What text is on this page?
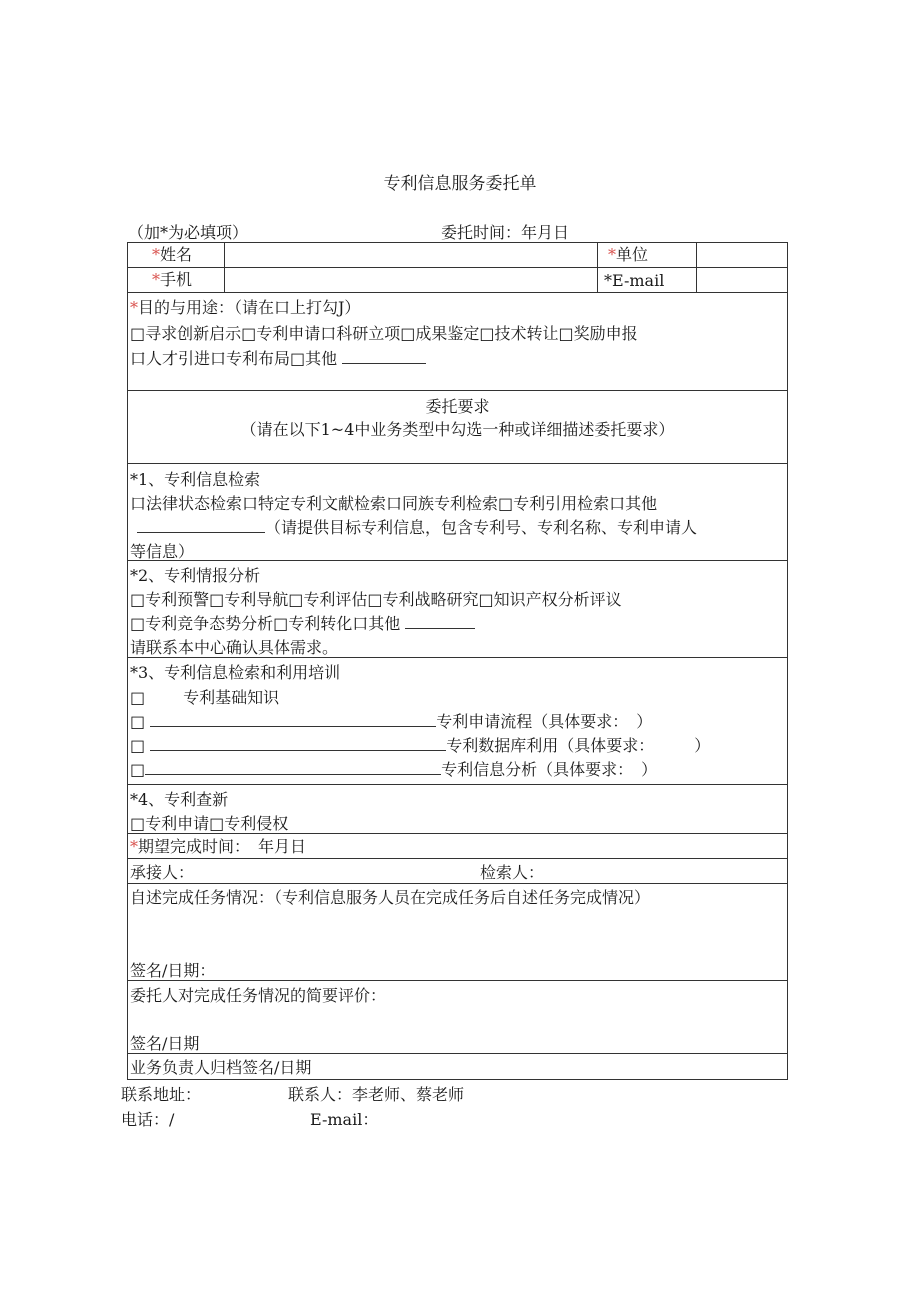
专利信息服务委托单
（加*为必填项）	委托时间：年月日
*姓名	*单位
*手机	*E-mail
*目的与用途：（请在口上打勾J）
□寻求创新启示□专利申请口科研立项□成果鉴定□技术转让□奖励申报
口人才引进口专利布局□其他
委托要求
（请在以下1~4中业务类型中勾选一种或详细描述委托要求）
*1、专利信息检索
口法律状态检索口特定专利文献检索口同族专利检索□专利引用检索口其他
（请提供目标专利信息，包含专利号、专利名称、专利申请人
等信息）
*2、专利情报分析
□专利预警□专利导航□专利评估□专利战略研究□知识产权分析评议
□专利竞争态势分析□专利转化口其他
请联系本中心确认具体需求。
*3、专利信息检索和利用培训
□ 专利基础知识
□	专利申请流程（具体要求：　）
□	专利数据库利用（具体要求：　　　）
□	专利信息分析（具体要求：　）
*4、专利查新
□专利申请□专利侵权
*期望完成时间：　年月日
承接人：	检索人：
自述完成任务情况：（专利信息服务人员在完成任务后自述任务完成情况）
签名/日期：
委托人对完成任务情况的简要评价：
签名/日期
业务负责人归档签名/日期
联系地址：	联系人：李老师、蔡老师
电话：/	E-mail：
